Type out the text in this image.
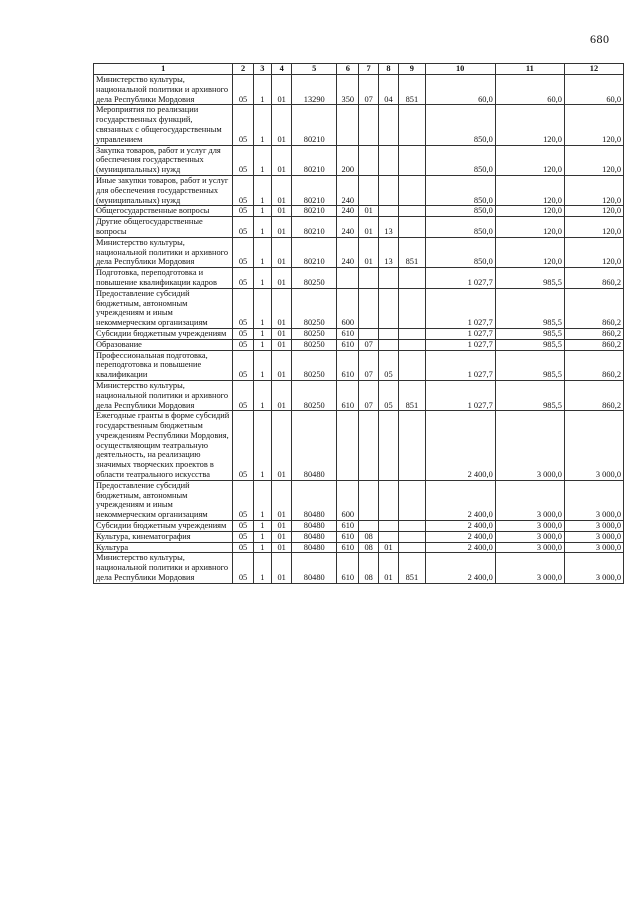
680
1	2	3	4	5	6	7	8	9	10	11	12
Министерство культуры, национальной политики и архивного дела Республики Мордовия	05	1	01	13290	350	07	04	851	60,0	60,0	60,0
Мероприятия по реализации государственных функций, связанных с общегосударственным управлением	05	1	01	80210					850,0	120,0	120,0
Закупка товаров, работ и услуг для обеспечения государственных (муниципальных) нужд	05	1	01	80210	200				850,0	120,0	120,0
Иные закупки товаров, работ и услуг для обеспечения государственных (муниципальных) нужд	05	1	01	80210	240				850,0	120,0	120,0
Общегосударственные вопросы	05	1	01	80210	240	01			850,0	120,0	120,0
Другие общегосударственные вопросы	05	1	01	80210	240	01	13		850,0	120,0	120,0
Министерство культуры, национальной политики и архивного дела Республики Мордовия	05	1	01	80210	240	01	13	851	850,0	120,0	120,0
Подготовка, переподготовка и повышение квалификации кадров	05	1	01	80250					1 027,7	985,5	860,2
Предоставление субсидий бюджетным, автономным учреждениям и иным некоммерческим организациям	05	1	01	80250	600				1 027,7	985,5	860,2
Субсидии бюджетным учреждениям	05	1	01	80250	610				1 027,7	985,5	860,2
Образование	05	1	01	80250	610	07			1 027,7	985,5	860,2
Профессиональная подготовка, переподготовка и повышение квалификации	05	1	01	80250	610	07	05		1 027,7	985,5	860,2
Министерство культуры, национальной политики и архивного дела Республики Мордовия	05	1	01	80250	610	07	05	851	1 027,7	985,5	860,2
Ежегодные гранты в форме субсидий государственным бюджетным учреждениям Республики Мордовия, осуществляющим театральную деятельность, на реализацию значимых творческих проектов в области театрального искусства	05	1	01	80480					2 400,0	3 000,0	3 000,0
Предоставление субсидий бюджетным, автономным учреждениям и иным некоммерческим организациям	05	1	01	80480	600				2 400,0	3 000,0	3 000,0
Субсидии бюджетным учреждениям	05	1	01	80480	610				2 400,0	3 000,0	3 000,0
Культура, кинематография	05	1	01	80480	610	08			2 400,0	3 000,0	3 000,0
Культура	05	1	01	80480	610	08	01		2 400,0	3 000,0	3 000,0
Министерство культуры, национальной политики и архивного дела Республики Мордовия	05	1	01	80480	610	08	01	851	2 400,0	3 000,0	3 000,0
